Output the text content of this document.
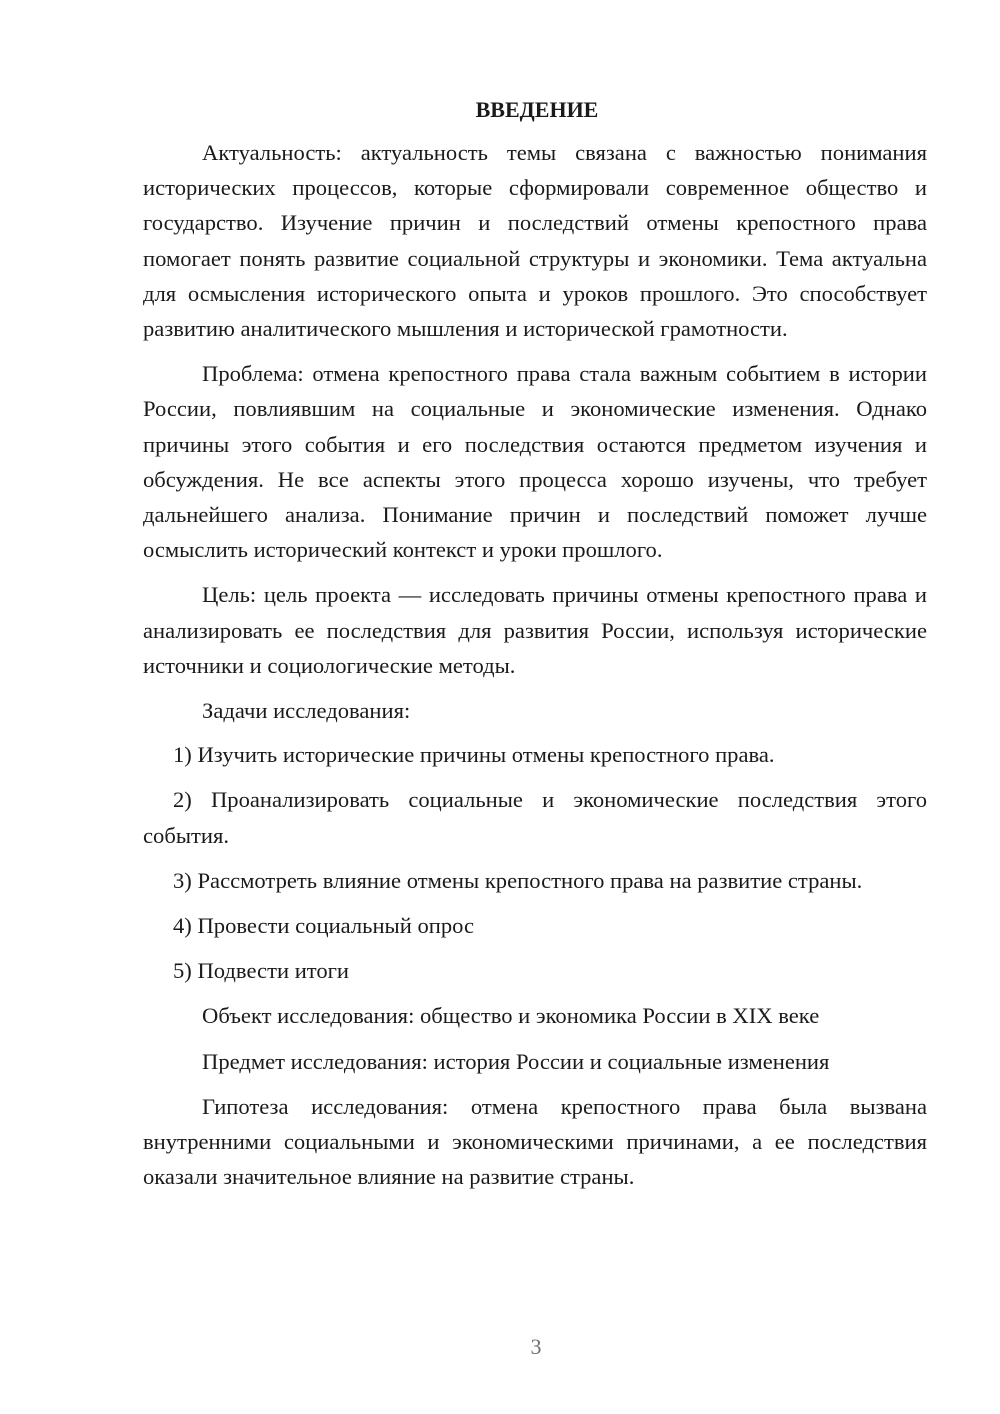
ВВЕДЕНИЕ

Актуальность: актуальность темы связана с важностью понимания исторических процессов, которые сформировали современное общество и государство. Изучение причин и последствий отмены крепостного права помогает понять развитие социальной структуры и экономики. Тема актуальна для осмысления исторического опыта и уроков прошлого. Это способствует развитию аналитического мышления и исторической грамотности.

Проблема: отмена крепостного права стала важным событием в истории России, повлиявшим на социальные и экономические изменения. Однако причины этого события и его последствия остаются предметом изучения и обсуждения. Не все аспекты этого процесса хорошо изучены, что требует дальнейшего анализа. Понимание причин и последствий поможет лучше осмыслить исторический контекст и уроки прошлого.

Цель: цель проекта — исследовать причины отмены крепостного права и анализировать ее последствия для развития России, используя исторические источники и социологические методы.

Задачи исследования:

1) Изучить исторические причины отмены крепостного права.

2) Проанализировать социальные и экономические последствия этого события.

3) Рассмотреть влияние отмены крепостного права на развитие страны.

4) Провести социальный опрос

5) Подвести итоги

Объект исследования: общество и экономика России в XIX веке

Предмет исследования: история России и социальные изменения

Гипотеза исследования: отмена крепостного права была вызвана внутренними социальными и экономическими причинами, а ее последствия оказали значительное влияние на развитие страны.

3
